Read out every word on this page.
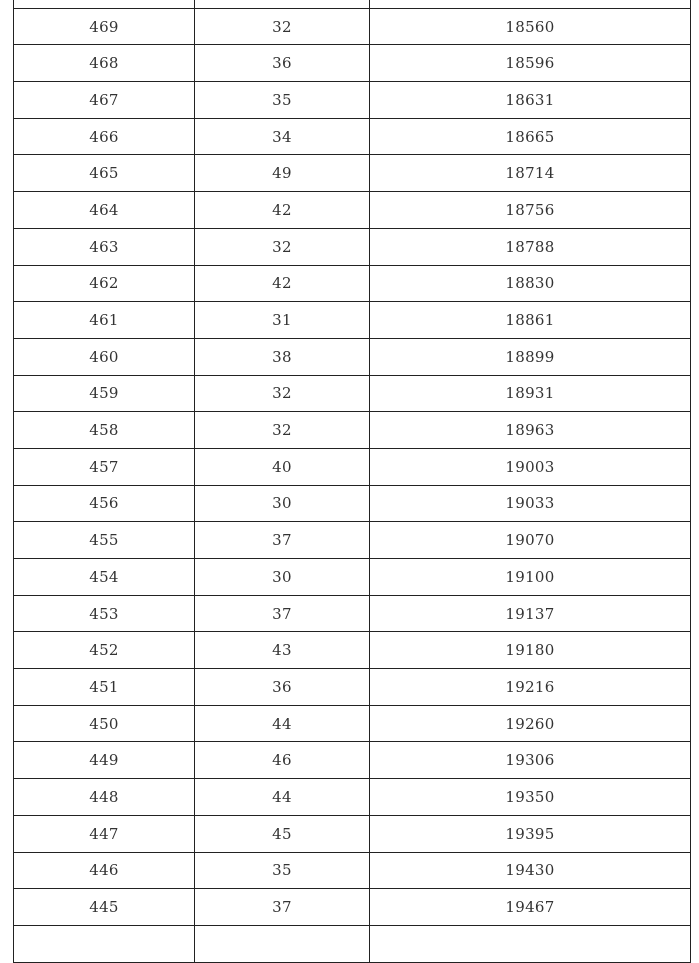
469	32	18560
468	36	18596
467	35	18631
466	34	18665
465	49	18714
464	42	18756
463	32	18788
462	42	18830
461	31	18861
460	38	18899
459	32	18931
458	32	18963
457	40	19003
456	30	19033
455	37	19070
454	30	19100
453	37	19137
452	43	19180
451	36	19216
450	44	19260
449	46	19306
448	44	19350
447	45	19395
446	35	19430
445	37	19467
